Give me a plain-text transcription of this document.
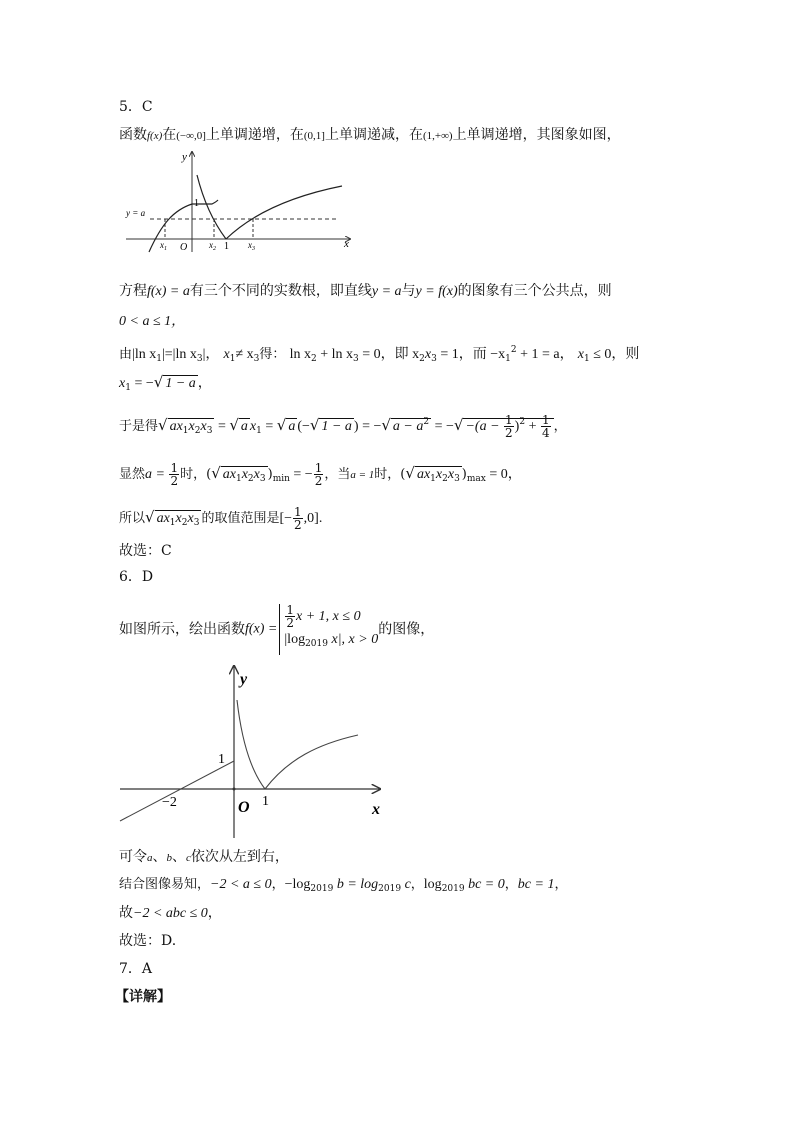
5．C
函数f(x)在(−∞,0]上单调递增，在(0,1]上单调递减，在(1,+∞)上单调递增，其图象如图，
y
x
O
y = a
1
1
$x_1$	$x_2$	$x_3$
方程f(x) = a有三个不同的实数根，即直线y = a与y = f(x)的图象有三个公共点，则
0 < a ≤ 1，
由|ln $x_1|=|\ln$ $x_3|$， $x_1\ne x_3$得： $\ln x_2 + \ln x_3 = 0$，即 $x_2x_3 = 1$，而 $-x_1^2 + 1 = a$， $x_1 \le 0$，则
$x_1$ = −√ 1 − a ，
于是得√ $ax_1x_2x_3$ = √ a $x_1$ = √ a (−√ 1 − a ) = −√ $a - a^2$ = −√ $-(a - \frac{1}{2} )^2 + \frac{1}{4}$ ，
显然$a = \frac{1}{2}$ 时，(√ $ax_1x_2x_3$ )$_{min}$ = − $\frac{1}{2}$ ，当a = 1时，(√ $ax_1x_2x_3$ )$_{max} = 0$，
所以√ $ax_1x_2x_3$ 的取值范围是[− $\frac{1}{2} ,0$].
故选：C
6．D
如图所示，绘出函数$f(x) = \frac{1}{2}$ x + 1, x ≤ 0
$|\log_{2019}$ x|, x > 0
的图像，
y
x
O
1
1
−2
可令a、b、c依次从左到右，
结合图像易知，−2 < a ≤ 0，$-\log_{2019}$ $b = \log_{2019} c$，$\log_{2019}$ bc = 0，bc = 1，
故−2 < abc ≤ 0，
故选：D.
7．A
【详解】
